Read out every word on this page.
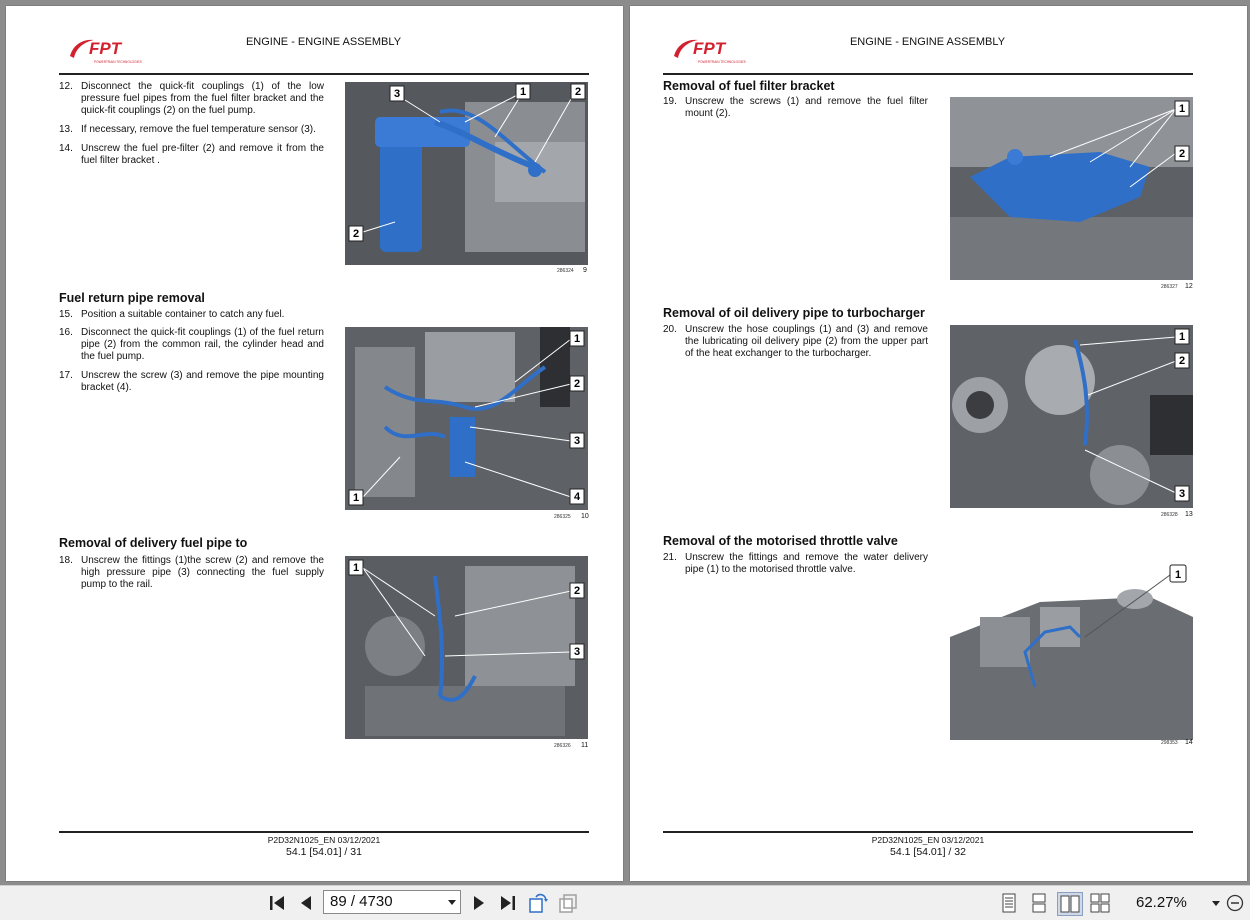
FPT
POWERTRAIN TECHNOLOGIES
ENGINE - ENGINE ASSEMBLY
12. Disconnect the quick-fit couplings (1) of the low pressure fuel pipes from the fuel filter bracket and the quick-fit couplings (2) on the fuel pump.
13. If necessary, remove the fuel temperature sensor (3).
14. Unscrew the fuel pre-filter (2) and remove it from the fuel filter bracket .
3	1	2
2
286324 9
Fuel return pipe removal
15. Position a suitable container to catch any fuel.
16. Disconnect the quick-fit couplings (1) of the fuel return pipe (2) from the common rail, the cylinder head and the fuel pump.
17. Unscrew the screw (3) and remove the pipe mounting bracket (4).
1
2
3
4
1
286325 10
Removal of delivery fuel pipe to
18. Unscrew the fittings (1)the screw (2) and remove the high pressure pipe (3) connecting the fuel supply pump to the rail.
1
2
3
286326 11
P2D32N1025_EN 03/12/2021
54.1 [54.01] / 31
FPT
POWERTRAIN TECHNOLOGIES
ENGINE - ENGINE ASSEMBLY
Removal of fuel filter bracket
19. Unscrew the screws (1) and remove the fuel filter mount (2).	1
2
286327 12
Removal of oil delivery pipe to turbocharger
20. Unscrew the hose couplings (1) and (3) and remove the lubricating oil delivery pipe (2) from the upper part of the heat exchanger to the turbocharger.
1
2
3
286328 13
Removal of the motorised throttle valve
21. Unscrew the fittings and remove the water delivery pipe (1) to the motorised throttle valve.	1
298353 14
P2D32N1025_EN 03/12/2021
54.1 [54.01] / 32
89 / 4730	62.27%
